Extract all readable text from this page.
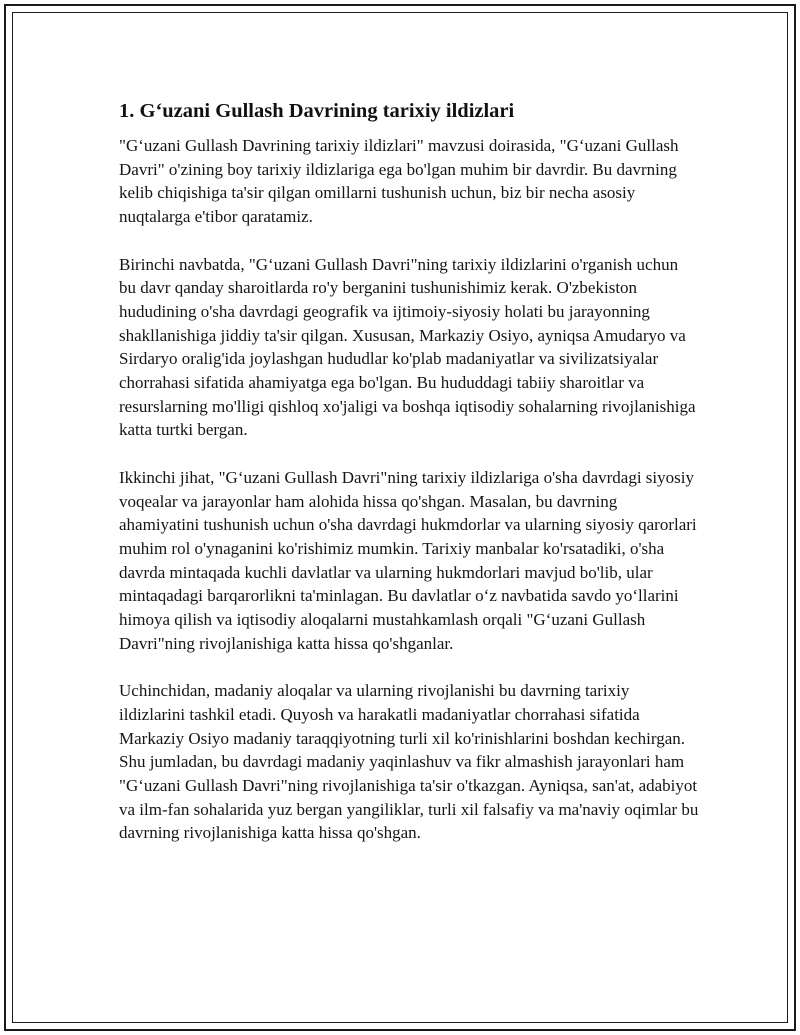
1. G‘uzani Gullash Davrining tarixiy ildizlari

"G‘uzani Gullash Davrining tarixiy ildizlari" mavzusi doirasida, "G‘uzani Gullash Davri" o'zining boy tarixiy ildizlariga ega bo'lgan muhim bir davrdir. Bu davrning kelib chiqishiga ta'sir qilgan omillarni tushunish uchun, biz bir necha asosiy nuqtalarga e'tibor qaratamiz.

Birinchi navbatda, "G‘uzani Gullash Davri"ning tarixiy ildizlarini o'rganish uchun bu davr qanday sharoitlarda ro'y berganini tushunishimiz kerak. O'zbekiston hududining o'sha davrdagi geografik va ijtimoiy-siyosiy holati bu jarayonning shakllanishiga jiddiy ta'sir qilgan. Xususan, Markaziy Osiyo, ayniqsa Amudaryo va Sirdaryo oralig'ida joylashgan hududlar ko'plab madaniyatlar va sivilizatsiyalar chorrahasi sifatida ahamiyatga ega bo'lgan. Bu hududdagi tabiiy sharoitlar va resurslarning mo'lligi qishloq xo'jaligi va boshqa iqtisodiy sohalarning rivojlanishiga katta turtki bergan.

Ikkinchi jihat, "G‘uzani Gullash Davri"ning tarixiy ildizlariga o'sha davrdagi siyosiy voqealar va jarayonlar ham alohida hissa qo'shgan. Masalan, bu davrning ahamiyatini tushunish uchun o'sha davrdagi hukmdorlar va ularning siyosiy qarorlari muhim rol o'ynaganini ko'rishimiz mumkin. Tarixiy manbalar ko'rsatadiki, o'sha davrda mintaqada kuchli davlatlar va ularning hukmdorlari mavjud bo'lib, ular mintaqadagi barqarorlikni ta'minlagan. Bu davlatlar o‘z navbatida savdo yo‘llarini himoya qilish va iqtisodiy aloqalarni mustahkamlash orqali "G‘uzani Gullash Davri"ning rivojlanishiga katta hissa qo'shganlar.

Uchinchidan, madaniy aloqalar va ularning rivojlanishi bu davrning tarixiy ildizlarini tashkil etadi. Quyosh va harakatli madaniyatlar chorrahasi sifatida Markaziy Osiyo madaniy taraqqiyotning turli xil ko'rinishlarini boshdan kechirgan. Shu jumladan, bu davrdagi madaniy yaqinlashuv va fikr almashish jarayonlari ham "G‘uzani Gullash Davri"ning rivojlanishiga ta'sir o'tkazgan. Ayniqsa, san'at, adabiyot va ilm-fan sohalarida yuz bergan yangiliklar, turli xil falsafiy va ma'naviy oqimlar bu davrning rivojlanishiga katta hissa qo'shgan.
